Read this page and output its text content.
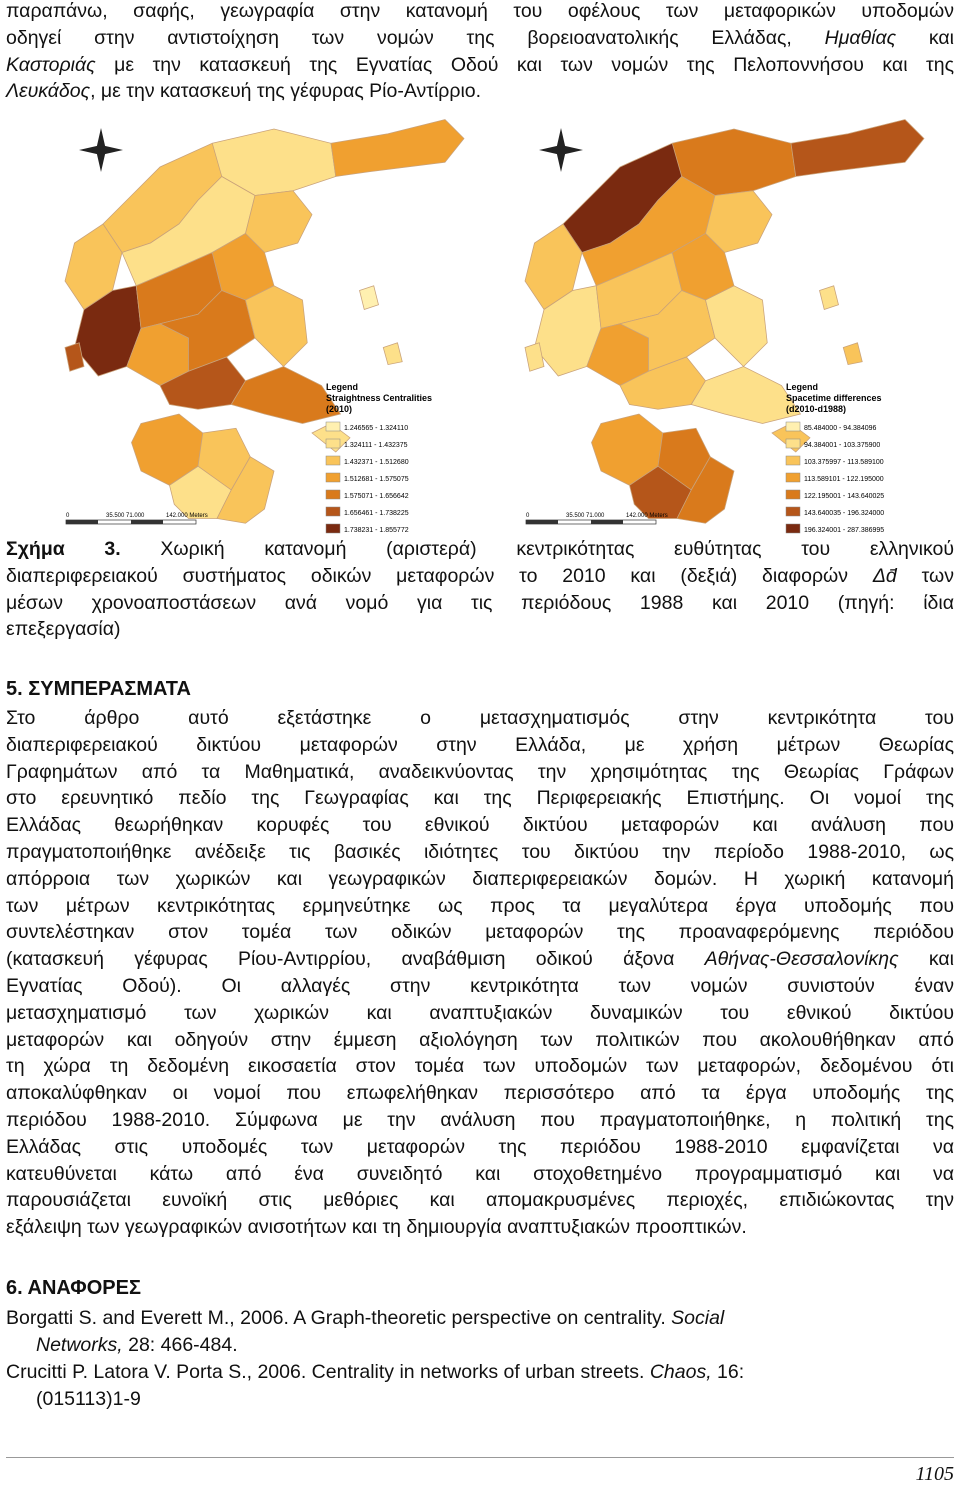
παραπάνω, σαφής, γεωγραφία στην κατανομή του οφέλους των μεταφορικών υποδομών
οδηγεί στην αντιστοίχηση των νομών της βορειοανατολικής Ελλάδας, Ημαθίας και
Καστοριάς με την κατασκευή της Εγνατίας Οδού και των νομών της Πελοποννήσου και της
Λευκάδος, με την κατασκευή της γέφυρας Ρίο-Αντίρριο.
Legend
Straightness Centralities
(2010)
1.246565 - 1.324110
1.324111 - 1.432375
1.432371 - 1.512680
1.512681 - 1.575075
1.575071 - 1.656642
1.656461 - 1.738225
1.738231 - 1.855772
0	35.500 71.000	142.000 Meters
Legend
Spacetime differences
(d2010-d1988)
85.484000 - 94.384096
94.384001 - 103.375900
103.375997 - 113.589100
113.589101 - 122.195000
122.195001 - 143.640025
143.640035 - 196.324000
196.324001 - 287.386995
0	35.500 71.000	142.000 Meters
Σχήμα 3. Χωρική κατανομή (αριστερά) κεντρικότητας ευθύτητας του ελληνικού
διαπεριφερειακού συστήματος οδικών μεταφορών το 2010 και (δεξιά) διαφορών Δd̄ των
μέσων χρονοαποστάσεων ανά νομό για τις περιόδους 1988 και 2010 (πηγή: ίδια
επεξεργασία)
5. ΣΥΜΠΕΡΑΣΜΑΤΑ
Στο άρθρο αυτό εξετάστηκε ο μετασχηματισμός στην κεντρικότητα του
διαπεριφερειακού δικτύου μεταφορών στην Ελλάδα, με χρήση μέτρων Θεωρίας
Γραφημάτων από τα Μαθηματικά, αναδεικνύοντας την χρησιμότητας της Θεωρίας Γράφων
στο ερευνητικό πεδίο της Γεωγραφίας και της Περιφερειακής Επιστήμης. Οι νομοί της
Ελλάδας θεωρήθηκαν κορυφές του εθνικού δικτύου μεταφορών και ανάλυση που
πραγματοποιήθηκε ανέδειξε τις βασικές ιδιότητες του δικτύου την περίοδο 1988-2010, ως
απόρροια των χωρικών και γεωγραφικών διαπεριφερειακών δομών. Η χωρική κατανομή
των μέτρων κεντρικότητας ερμηνεύτηκε ως προς τα μεγαλύτερα έργα υποδομής που
συντελέστηκαν στον τομέα των οδικών μεταφορών της προαναφερόμενης περιόδου
(κατασκευή γέφυρας Ρίου-Αντιρρίου, αναβάθμιση οδικού άξονα Αθήνας-Θεσσαλονίκης και
Εγνατίας Οδού). Οι αλλαγές στην κεντρικότητα των νομών συνιστούν έναν
μετασχηματισμό των χωρικών και αναπτυξιακών δυναμικών του εθνικού δικτύου
μεταφορών και οδηγούν στην έμμεση αξιολόγηση των πολιτικών που ακολουθήθηκαν από
τη χώρα τη δεδομένη εικοσαετία στον τομέα των υποδομών των μεταφορών, δεδομένου ότι
αποκαλύφθηκαν οι νομοί που επωφελήθηκαν περισσότερο από τα έργα υποδομής της
περιόδου 1988-2010. Σύμφωνα με την ανάλυση που πραγματοποιήθηκε, η πολιτική της
Ελλάδας στις υποδομές των μεταφορών της περιόδου 1988-2010 εμφανίζεται να
κατευθύνεται κάτω από ένα συνειδητό και στοχοθετημένο προγραμματισμό και να
παρουσιάζεται ευνοϊκή στις μεθόριες και απομακρυσμένες περιοχές, επιδιώκοντας την
εξάλειψη των γεωγραφικών ανισοτήτων και τη δημιουργία αναπτυξιακών προοπτικών.
6. ΑΝΑΦΟΡΕΣ
Borgatti S. and Everett M., 2006. A Graph-theoretic perspective on centrality. Social
Networks, 28: 466-484.
Crucitti P. Latora V. Porta S., 2006. Centrality in networks of urban streets. Chaos, 16:
(015113)1-9
1105
